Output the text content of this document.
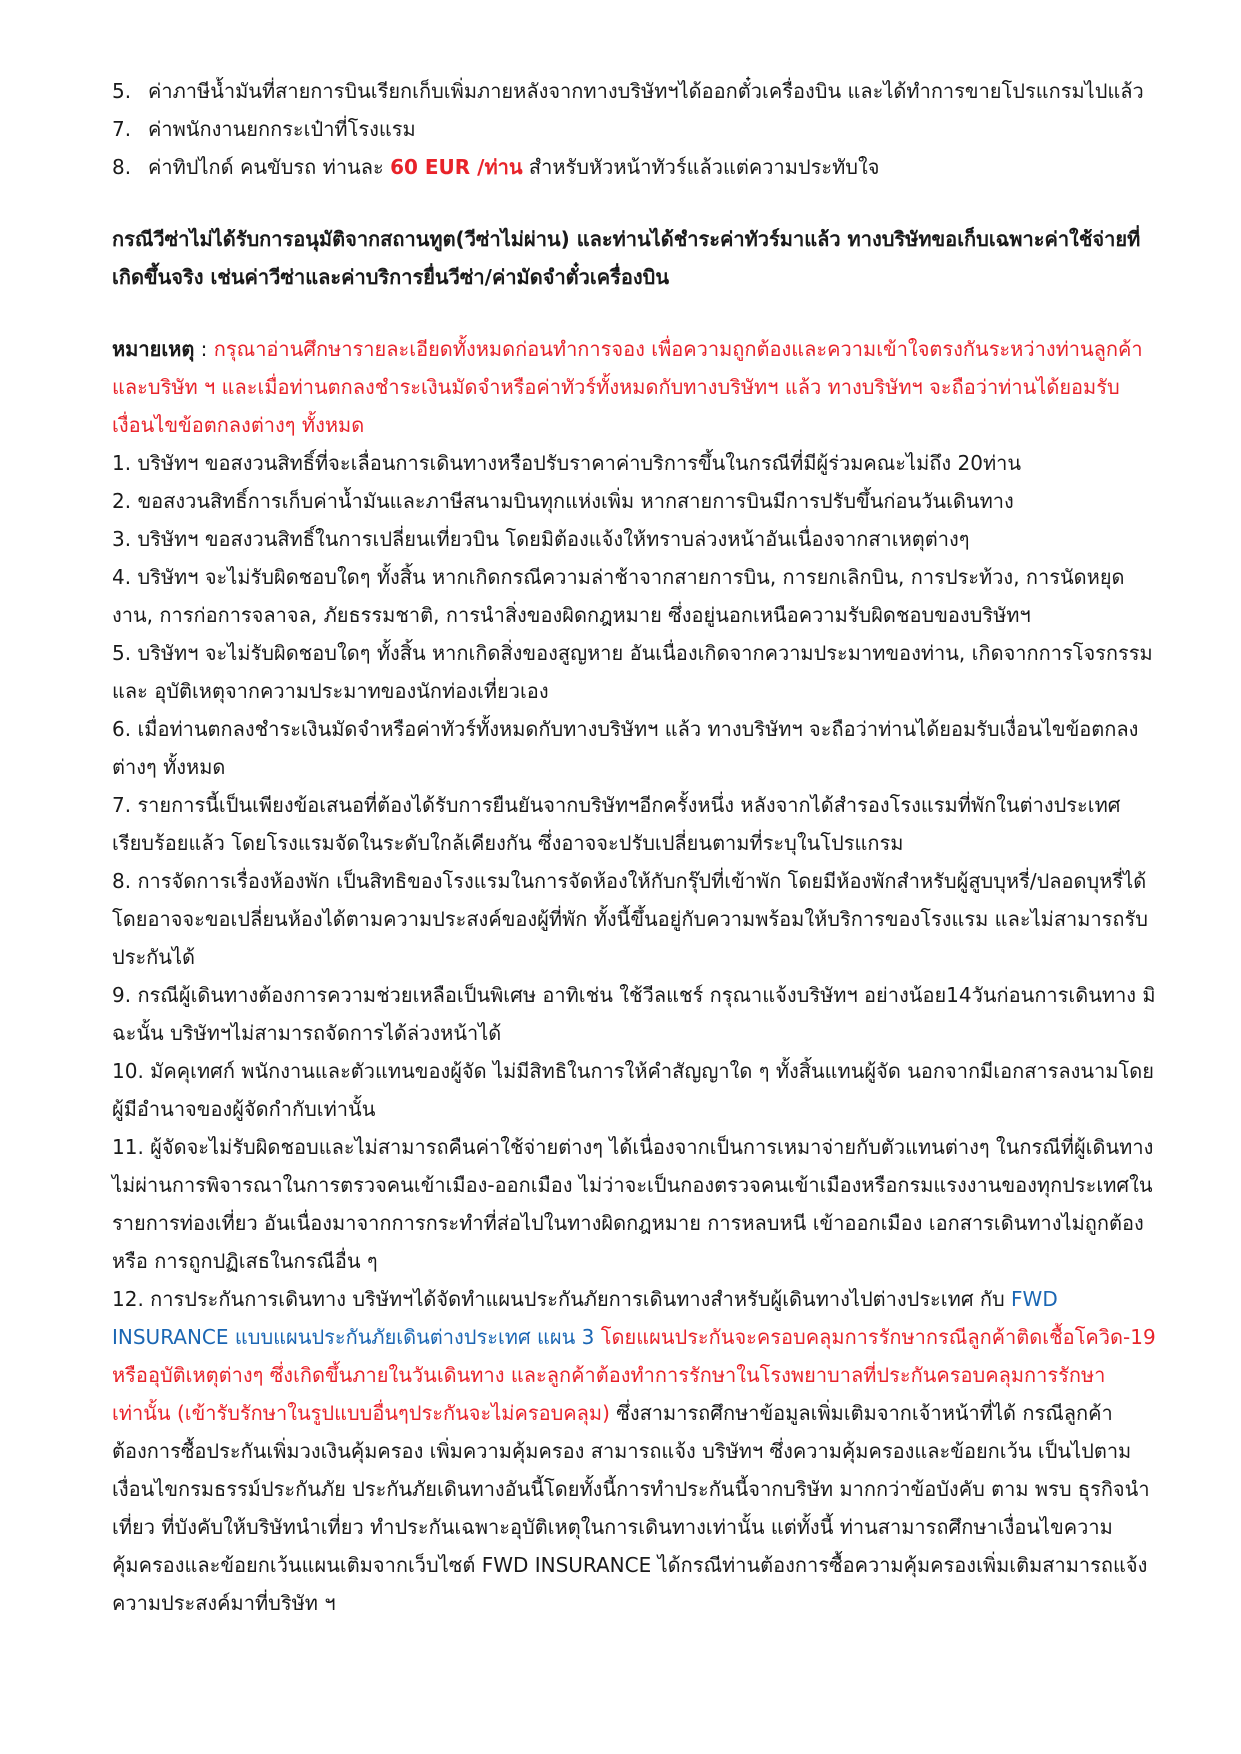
5. ค่าภาษีน้ำมันที่สายการบินเรียกเก็บเพิ่มภายหลังจากทางบริษัทฯได้ออกตั๋วเครื่องบิน และได้ทำการขายโปรแกรมไปแล้ว
7. ค่าพนักงานยกกระเป๋าที่โรงแรม
8. ค่าทิปไกด์ คนขับรถ ท่านละ 60 EUR /ท่าน สำหรับหัวหน้าทัวร์แล้วแต่ความประทับใจ

กรณีวีซ่าไม่ได้รับการอนุมัติจากสถานทูต(วีซ่าไม่ผ่าน) และท่านได้ชำระค่าทัวร์มาแล้ว ทางบริษัทขอเก็บเฉพาะค่าใช้จ่ายที่เกิดขึ้นจริง เช่นค่าวีซ่าและค่าบริการยื่นวีซ่า/ค่ามัดจำตั๋วเครื่องบิน

หมายเหตุ : กรุณาอ่านศึกษารายละเอียดทั้งหมดก่อนทำการจอง เพื่อความถูกต้องและความเข้าใจตรงกันระหว่างท่านลูกค้าและบริษัท ฯ และเมื่อท่านตกลงชำระเงินมัดจำหรือค่าทัวร์ทั้งหมดกับทางบริษัทฯ แล้ว ทางบริษัทฯ จะถือว่าท่านได้ยอมรับเงื่อนไขข้อตกลงต่างๆ ทั้งหมด

1. บริษัทฯ ขอสงวนสิทธิ์ที่จะเลื่อนการเดินทางหรือปรับราคาค่าบริการขึ้นในกรณีที่มีผู้ร่วมคณะไม่ถึง 20ท่าน

2. ขอสงวนสิทธิ์การเก็บค่าน้ำมันและภาษีสนามบินทุกแห่งเพิ่ม หากสายการบินมีการปรับขึ้นก่อนวันเดินทาง

3. บริษัทฯ ขอสงวนสิทธิ์ในการเปลี่ยนเที่ยวบิน โดยมิต้องแจ้งให้ทราบล่วงหน้าอันเนื่องจากสาเหตุต่างๆ

4. บริษัทฯ จะไม่รับผิดชอบใดๆ ทั้งสิ้น หากเกิดกรณีความล่าช้าจากสายการบิน, การยกเลิกบิน, การประท้วง, การนัดหยุดงาน, การก่อการจลาจล, ภัยธรรมชาติ, การนำสิ่งของผิดกฎหมาย ซึ่งอยู่นอกเหนือความรับผิดชอบของบริษัทฯ

5. บริษัทฯ จะไม่รับผิดชอบใดๆ ทั้งสิ้น หากเกิดสิ่งของสูญหาย อันเนื่องเกิดจากความประมาทของท่าน, เกิดจากการโจรกรรม และ อุบัติเหตุจากความประมาทของนักท่องเที่ยวเอง

6. เมื่อท่านตกลงชำระเงินมัดจำหรือค่าทัวร์ทั้งหมดกับทางบริษัทฯ แล้ว ทางบริษัทฯ จะถือว่าท่านได้ยอมรับเงื่อนไขข้อตกลงต่างๆ ทั้งหมด

7. รายการนี้เป็นเพียงข้อเสนอที่ต้องได้รับการยืนยันจากบริษัทฯอีกครั้งหนึ่ง หลังจากได้สำรองโรงแรมที่พักในต่างประเทศเรียบร้อยแล้ว โดยโรงแรมจัดในระดับใกล้เคียงกัน ซึ่งอาจจะปรับเปลี่ยนตามที่ระบุในโปรแกรม

8. การจัดการเรื่องห้องพัก เป็นสิทธิของโรงแรมในการจัดห้องให้กับกรุ๊ปที่เข้าพัก โดยมีห้องพักสำหรับผู้สูบบุหรี่/ปลอดบุหรี่ได้ โดยอาจจะขอเปลี่ยนห้องได้ตามความประสงค์ของผู้ที่พัก ทั้งนี้ขึ้นอยู่กับความพร้อมให้บริการของโรงแรม และไม่สามารถรับประกันได้

9. กรณีผู้เดินทางต้องการความช่วยเหลือเป็นพิเศษ อาทิเช่น ใช้วีลแชร์ กรุณาแจ้งบริษัทฯ อย่างน้อย14วันก่อนการเดินทาง มิฉะนั้น บริษัทฯไม่สามารถจัดการได้ล่วงหน้าได้

10. มัคคุเทศก์ พนักงานและตัวแทนของผู้จัด ไม่มีสิทธิในการให้คำสัญญาใด ๆ ทั้งสิ้นแทนผู้จัด นอกจากมีเอกสารลงนามโดยผู้มีอำนาจของผู้จัดกำกับเท่านั้น

11. ผู้จัดจะไม่รับผิดชอบและไม่สามารถคืนค่าใช้จ่ายต่างๆ ได้เนื่องจากเป็นการเหมาจ่ายกับตัวแทนต่างๆ ในกรณีที่ผู้เดินทางไม่ผ่านการพิจารณาในการตรวจคนเข้าเมือง-ออกเมือง ไม่ว่าจะเป็นกองตรวจคนเข้าเมืองหรือกรมแรงงานของทุกประเทศในรายการท่องเที่ยว อันเนื่องมาจากการกระทำที่ส่อไปในทางผิดกฎหมาย การหลบหนี เข้าออกเมือง เอกสารเดินทางไม่ถูกต้อง หรือ การถูกปฏิเสธในกรณีอื่น ๆ

12. การประกันการเดินทาง บริษัทฯได้จัดทำแผนประกันภัยการเดินทางสำหรับผู้เดินทางไปต่างประเทศ กับ FWD INSURANCE แบบแผนประกันภัยเดินต่างประเทศ แผน 3 โดยแผนประกันจะครอบคลุมการรักษากรณีลูกค้าติดเชื้อโควิด-19 หรืออุบัติเหตุต่างๆ ซึ่งเกิดขึ้นภายในวันเดินทาง และลูกค้าต้องทำการรักษาในโรงพยาบาลที่ประกันครอบคลุมการรักษาเท่านั้น (เข้ารับรักษาในรูปแบบอื่นๆประกันจะไม่ครอบคลุม) ซึ่งสามารถศึกษาข้อมูลเพิ่มเติมจากเจ้าหน้าที่ได้ กรณีลูกค้าต้องการซื้อประกันเพิ่มวงเงินคุ้มครอง เพิ่มความคุ้มครอง สามารถแจ้ง บริษัทฯ ซึ่งความคุ้มครองและข้อยกเว้น เป็นไปตามเงื่อนไขกรมธรรม์ประกันภัย ประกันภัยเดินทางอันนี้โดยทั้งนี้การทำประกันนี้จากบริษัท มากกว่าข้อบังคับ ตาม พรบ ธุรกิจนำเที่ยว ที่บังคับให้บริษัทนำเที่ยว ทำประกันเฉพาะอุบัติเหตุในการเดินทางเท่านั้น แต่ทั้งนี้ ท่านสามารถศึกษาเงื่อนไขความคุ้มครองและข้อยกเว้นแผนเติมจากเว็บไซต์ FWD INSURANCE ได้กรณีท่านต้องการซื้อความคุ้มครองเพิ่มเติมสามารถแจ้งความประสงค์มาที่บริษัท ฯ
